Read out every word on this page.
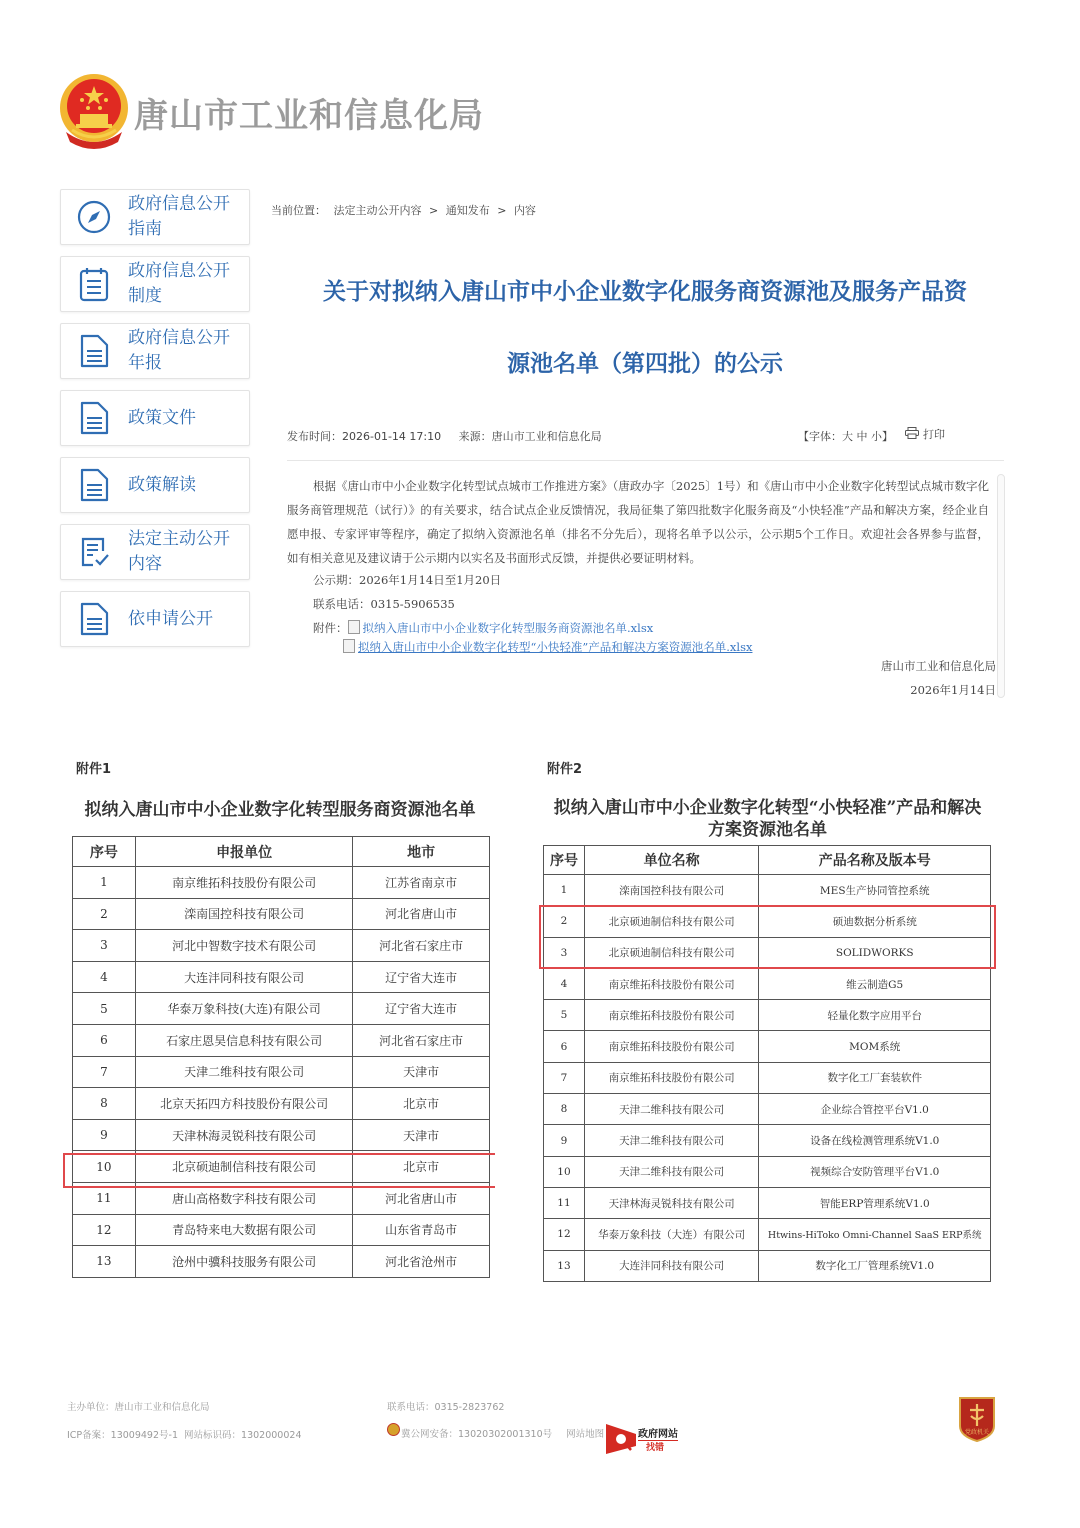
唐山市工业和信息化局
政府信息公开指南
政府信息公开制度
政府信息公开年报
政策文件
政策解读
法定主动公开内容
依申请公开
当前位置： 法定主动公开内容 > 通知发布 > 内容
关于对拟纳入唐山市中小企业数字化服务商资源池及服务产品资
源池名单（第四批）的公示
发布时间：2026-01-14 17:10 来源：唐山市工业和信息化局	【字体：大 中 小】	打印
根据《唐山市中小企业数字化转型试点城市工作推进方案》（唐政办字〔2025〕1号）和《唐山市中小企业数字化转型试点城市数字化服务商管理规范（试行）》的有关要求，结合试点企业反馈情况，我局征集了第四批数字化服务商及“小快轻准”产品和解决方案，经企业自愿申报、专家评审等程序，确定了拟纳入资源池名单（排名不分先后），现将名单予以公示，公示期5个工作日。欢迎社会各界参与监督，如有相关意见及建议请于公示期内以实名及书面形式反馈，并提供必要证明材料。
公示期：2026年1月14日至1月20日
联系电话：0315-5906535
附件： 拟纳入唐山市中小企业数字化转型服务商资源池名单.xlsx
拟纳入唐山市中小企业数字化转型“小快轻准”产品和解决方案资源池名单.xlsx
唐山市工业和信息化局
2026年1月14日
附件1
拟纳入唐山市中小企业数字化转型服务商资源池名单
序号	申报单位	地市
1	南京维拓科技股份有限公司	江苏省南京市
2	滦南国控科技有限公司	河北省唐山市
3	河北中智数字技术有限公司	河北省石家庄市
4	大连沣同科技有限公司	辽宁省大连市
5	华泰万象科技(大连)有限公司	辽宁省大连市
6	石家庄恩昊信息科技有限公司	河北省石家庄市
7	天津二维科技有限公司	天津市
8	北京天拓四方科技股份有限公司	北京市
9	天津林海灵锐科技有限公司	天津市
10	北京硕迪制信科技有限公司	北京市
11	唐山高格数字科技有限公司	河北省唐山市
12	青岛特来电大数据有限公司	山东省青岛市
13	沧州中骥科技服务有限公司	河北省沧州市
附件2
拟纳入唐山市中小企业数字化转型“小快轻准”产品和解决
方案资源池名单
序号	单位名称	产品名称及版本号
1	滦南国控科技有限公司	MES生产协同管控系统
2	北京硕迪制信科技有限公司	硕迪数据分析系统
3	北京硕迪制信科技有限公司	SOLIDWORKS
4	南京维拓科技股份有限公司	维云制造G5
5	南京维拓科技股份有限公司	轻量化数字应用平台
6	南京维拓科技股份有限公司	MOM系统
7	南京维拓科技股份有限公司	数字化工厂套装软件
8	天津二维科技有限公司	企业综合管控平台V1.0
9	天津二维科技有限公司	设备在线检测管理系统V1.0
10	天津二维科技有限公司	视频综合安防管理平台V1.0
11	天津林海灵锐科技有限公司	智能ERP管理系统V1.0
12	华泰万象科技（大连）有限公司	Htwins-HiToko Omni-Channel SaaS ERP系统
13	大连沣同科技有限公司	数字化工厂管理系统V1.0
主办单位：唐山市工业和信息化局
ICP备案：13009492号-1 网站标识码：1302000024
联系电话：0315-2823762
冀公网安备：13020302001310号 网站地图	政府网站
找错
党政机关
